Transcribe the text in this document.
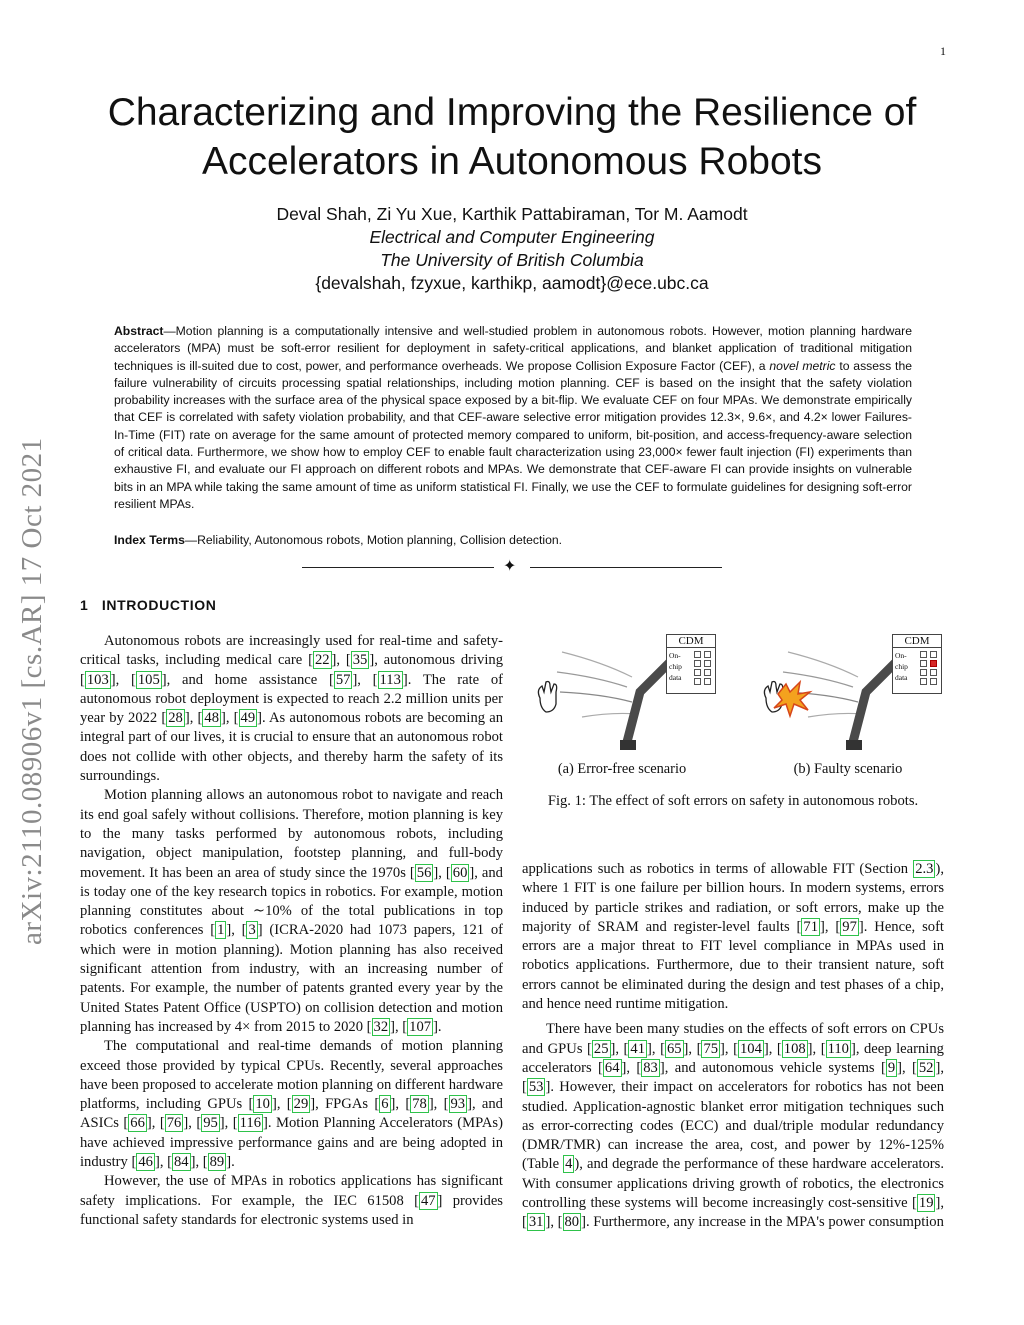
1
arXiv:2110.08906v1 [cs.AR] 17 Oct 2021
Characterizing and Improving the Resilience of
Accelerators in Autonomous Robots
Deval Shah, Zi Yu Xue, Karthik Pattabiraman, Tor M. Aamodt
Electrical and Computer Engineering
The University of British Columbia
{devalshah, fzyxue, karthikp, aamodt}@ece.ubc.ca

Abstract—Motion planning is a computationally intensive and well-studied problem in autonomous robots. However, motion planning hardware accelerators (MPA) must be soft-error resilient for deployment in safety-critical applications, and blanket application of traditional mitigation techniques is ill-suited due to cost, power, and performance overheads. We propose Collision Exposure Factor (CEF), a novel metric to assess the failure vulnerability of circuits processing spatial relationships, including motion planning. CEF is based on the insight that the safety violation probability increases with the surface area of the physical space exposed by a bit-flip. We evaluate CEF on four MPAs. We demonstrate empirically that CEF is correlated with safety violation probability, and that CEF-aware selective error mitigation provides 12.3×, 9.6×, and 4.2× lower Failures-In-Time (FIT) rate on average for the same amount of protected memory compared to uniform, bit-position, and access-frequency-aware selection of critical data. Furthermore, we show how to employ CEF to enable fault characterization using 23,000× fewer fault injection (FI) experiments than exhaustive FI, and evaluate our FI approach on different robots and MPAs. We demonstrate that CEF-aware FI can provide insights on vulnerable bits in an MPA while taking the same amount of time as uniform statistical FI. Finally, we use the CEF to formulate guidelines for designing soft-error resilient MPAs.

Index Terms—Reliability, Autonomous robots, Motion planning, Collision detection.

✦
1 INTRODUCTION

Autonomous robots are increasingly used for real-time and safety-critical tasks, including medical care [ 22 ], [ 35 ], autonomous driving [ 103 ], [ 105 ], and home assistance [ 57 ], [ 113 ]. The rate of autonomous robot deployment is expected to reach 2.2 million units per year by 2022 [ 28 ], [ 48 ], [ 49 ]. As autonomous robots are becoming an integral part of our lives, it is crucial to ensure that an autonomous robot does not collide with other objects, and thereby harm the safety of its surroundings.

Motion planning allows an autonomous robot to navigate and reach its end goal safely without collisions. Therefore, motion planning is key to the many tasks performed by autonomous robots, including navigation, object manipulation, footstep planning, and full-body movement. It has been an area of study since the 1970s [ 56 ], [ 60 ], and is today one of the key research topics in robotics. For example, motion planning constitutes about ∼10% of the total publications in top robotics conferences [ 1 ], [ 3 ] (ICRA-2020 had 1073 papers, 121 of which were in motion planning). Motion planning has also received significant attention from industry, with an increasing number of patents. For example, the number of patents granted every year by the United States Patent Office (USPTO) on collision detection and motion planning has increased by 4× from 2015 to 2020 [ 32 ], [ 107 ].

The computational and real-time demands of motion planning exceed those provided by typical CPUs. Recently, several approaches have been proposed to accelerate motion planning on different hardware platforms, including GPUs [ 10 ], [ 29 ], FPGAs [ 6 ], [ 78 ], [ 93 ], and ASICs [ 66 ], [ 76 ], [ 95 ], [ 116 ]. Motion Planning Accelerators (MPAs) have achieved impressive performance gains and are being adopted in industry [ 46 ], [ 84 ], [ 89 ].

However, the use of MPAs in robotics applications has significant safety implications. For example, the IEC 61508 [ 47 ] provides functional safety standards for electronic systems used in

CDM
On-chip data
CDM
On-chip data
(a) Error-free scenario	(b) Faulty scenario
Fig. 1: The effect of soft errors on safety in autonomous robots.

applications such as robotics in terms of allowable FIT (Section 2.3 ), where 1 FIT is one failure per billion hours. In modern systems, errors induced by particle strikes and radiation, or soft errors, make up the majority of SRAM and register-level faults [ 71 ], [ 97 ]. Hence, soft errors are a major threat to FIT level compliance in MPAs used in robotics applications. Furthermore, due to their transient nature, soft errors cannot be eliminated during the design and test phases of a chip, and hence need runtime mitigation.

There have been many studies on the effects of soft errors on CPUs and GPUs [ 25 ], [ 41 ], [ 65 ], [ 75 ], [ 104 ], [ 108 ], [ 110 ], deep learning accelerators [ 64 ], [ 83 ], and autonomous vehicle systems [ 9 ], [ 52 ], [ 53 ]. However, their impact on accelerators for robotics has not been studied. Application-agnostic blanket error mitigation techniques such as error-correcting codes (ECC) and dual/triple modular redundancy (DMR/TMR) can increase the area, cost, and power by 12%-125% (Table 4 ), and degrade the performance of these hardware accelerators. With consumer applications driving growth of robotics, the electronics controlling these systems will become increasingly cost-sensitive [ 19 ], [ 31 ], [ 80 ]. Furthermore, any increase in the MPA's power consumption
